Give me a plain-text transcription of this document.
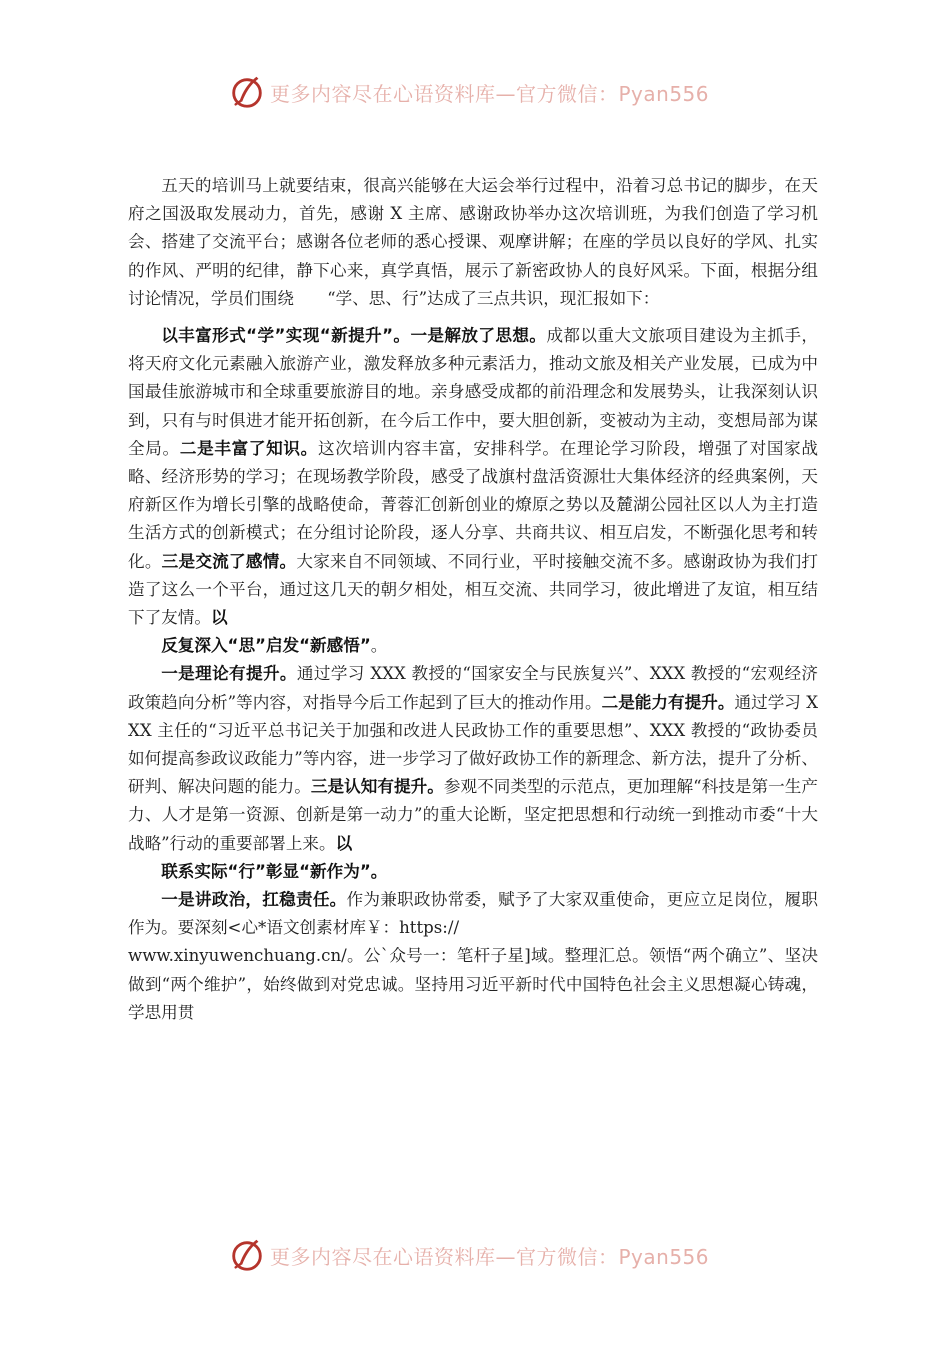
更多内容尽在心语资料库—官方微信：Pyan556

五天的培训马上就要结束，很高兴能够在大运会举行过程中，沿着习总书记的脚步，在天府之国汲取发展动力，首先，感谢 X 主席、感谢政协举办这次培训班，为我们创造了学习机会、搭建了交流平台；感谢各位老师的悉心授课、观摩讲解；在座的学员以良好的学风、扎实的作风、严明的纪律，静下心来，真学真悟，展示了新密政协人的良好风采。下面，根据分组讨论情况，学员们围绕　　“学、思、行”达成了三点共识，现汇报如下：

以丰富形式“学”实现“新提升”。一是解放了思想。成都以重大文旅项目建设为主抓手，将天府文化元素融入旅游产业，激发释放多种元素活力，推动文旅及相关产业发展，已成为中国最佳旅游城市和全球重要旅游目的地。亲身感受成都的前沿理念和发展势头，让我深刻认识到，只有与时俱进才能开拓创新，在今后工作中，要大胆创新，变被动为主动，变想局部为谋全局。二是丰富了知识。这次培训内容丰富，安排科学。在理论学习阶段，增强了对国家战略、经济形势的学习；在现场教学阶段，感受了战旗村盘活资源壮大集体经济的经典案例，天府新区作为增长引擎的战略使命，菁蓉汇创新创业的燎原之势以及麓湖公园社区以人为主打造生活方式的创新模式；在分组讨论阶段，逐人分享、共商共议、相互启发，不断强化思考和转化。三是交流了感情。大家来自不同领域、不同行业，平时接触交流不多。感谢政协为我们打造了这么一个平台，通过这几天的朝夕相处，相互交流、共同学习，彼此增进了友谊，相互结下了友情。以

反复深入“思”启发“新感悟”。

一是理论有提升。通过学习 XXX 教授的“国家安全与民族复兴”、XXX 教授的“宏观经济政策趋向分析”等内容，对指导今后工作起到了巨大的推动作用。二是能力有提升。通过学习 XXX 主任的“习近平总书记关于加强和改进人民政协工作的重要思想”、XXX 教授的“政协委员如何提高参政议政能力”等内容，进一步学习了做好政协工作的新理念、新方法，提升了分析、研判、解决问题的能力。三是认知有提升。参观不同类型的示范点，更加理解“科技是第一生产力、人才是第一资源、创新是第一动力”的重大论断，坚定把思想和行动统一到推动市委“十大战略”行动的重要部署上来。以

联系实际“行”彰显“新作为”。

一是讲政治，扛稳责任。作为兼职政协常委，赋予了大家双重使命，更应立足岗位，履职作为。要深刻<心*语文创素材库￥：https://

www.xinyuwenchuang.cn/。公`众号一：笔杆子星]域。整理汇总。领悟“两个确立”、坚决做到“两个维护”，始终做到对党忠诚。坚持用习近平新时代中国特色社会主义思想凝心铸魂，学思用贯

更多内容尽在心语资料库—官方微信：Pyan556
